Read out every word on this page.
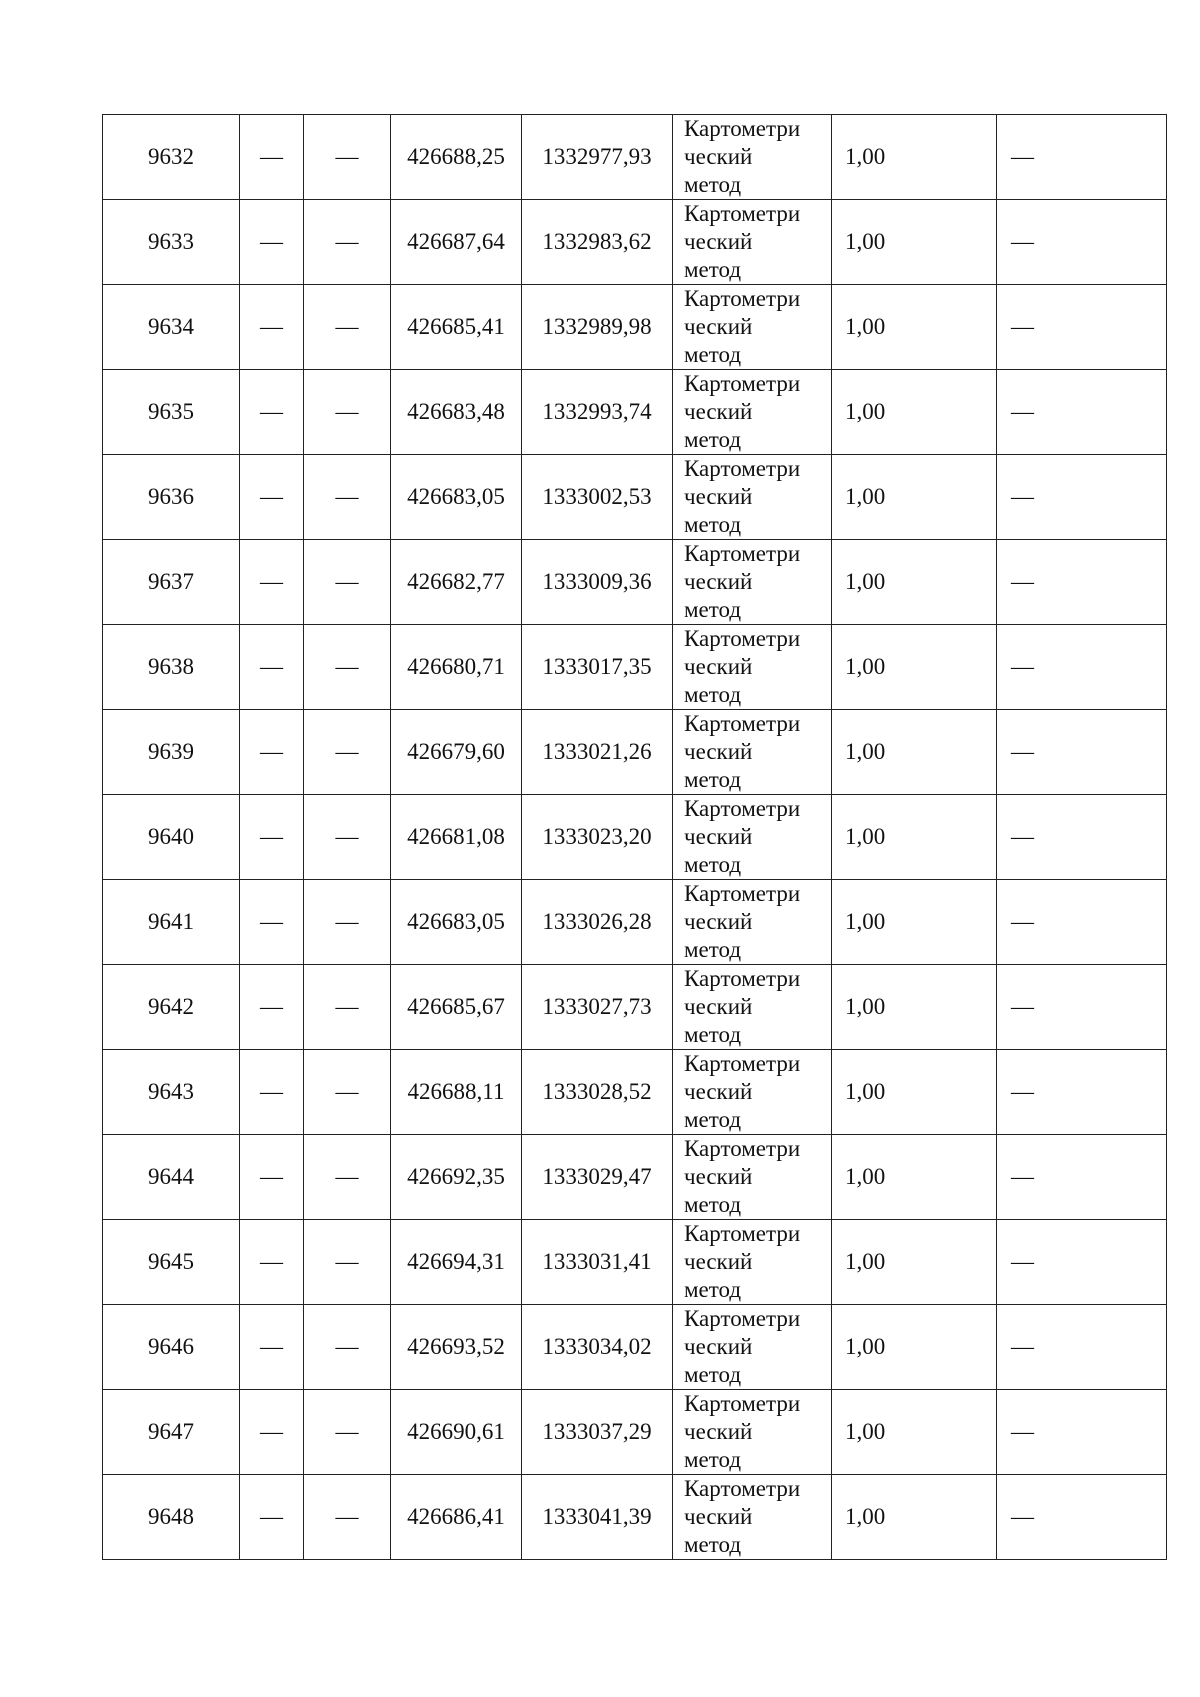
9632	—	—	426688,25	1332977,93	Картометри
ческий
метод	1,00	—
9633	—	—	426687,64	1332983,62	Картометри
ческий
метод	1,00	—
9634	—	—	426685,41	1332989,98	Картометри
ческий
метод	1,00	—
9635	—	—	426683,48	1332993,74	Картометри
ческий
метод	1,00	—
9636	—	—	426683,05	1333002,53	Картометри
ческий
метод	1,00	—
9637	—	—	426682,77	1333009,36	Картометри
ческий
метод	1,00	—
9638	—	—	426680,71	1333017,35	Картометри
ческий
метод	1,00	—
9639	—	—	426679,60	1333021,26	Картометри
ческий
метод	1,00	—
9640	—	—	426681,08	1333023,20	Картометри
ческий
метод	1,00	—
9641	—	—	426683,05	1333026,28	Картометри
ческий
метод	1,00	—
9642	—	—	426685,67	1333027,73	Картометри
ческий
метод	1,00	—
9643	—	—	426688,11	1333028,52	Картометри
ческий
метод	1,00	—
9644	—	—	426692,35	1333029,47	Картометри
ческий
метод	1,00	—
9645	—	—	426694,31	1333031,41	Картометри
ческий
метод	1,00	—
9646	—	—	426693,52	1333034,02	Картометри
ческий
метод	1,00	—
9647	—	—	426690,61	1333037,29	Картометри
ческий
метод	1,00	—
9648	—	—	426686,41	1333041,39	Картометри
ческий
метод	1,00	—
